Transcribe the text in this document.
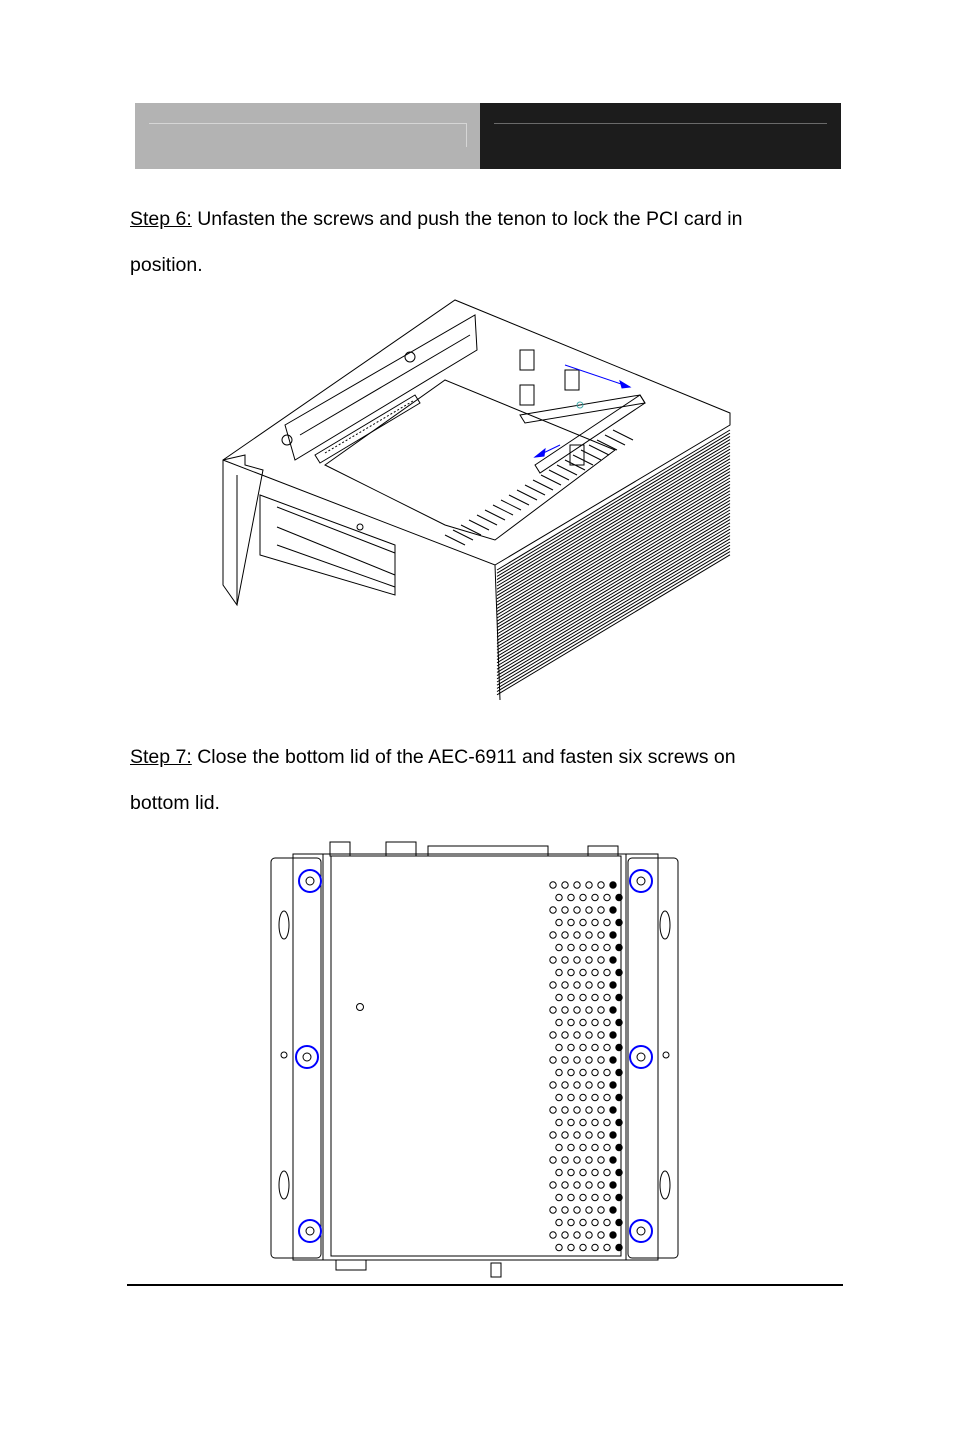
Step 6: Unfasten the screws and push the tenon to lock the PCI card in
position.

Step 7: Close the bottom lid of the AEC-6911 and fasten six screws on
bottom lid.
